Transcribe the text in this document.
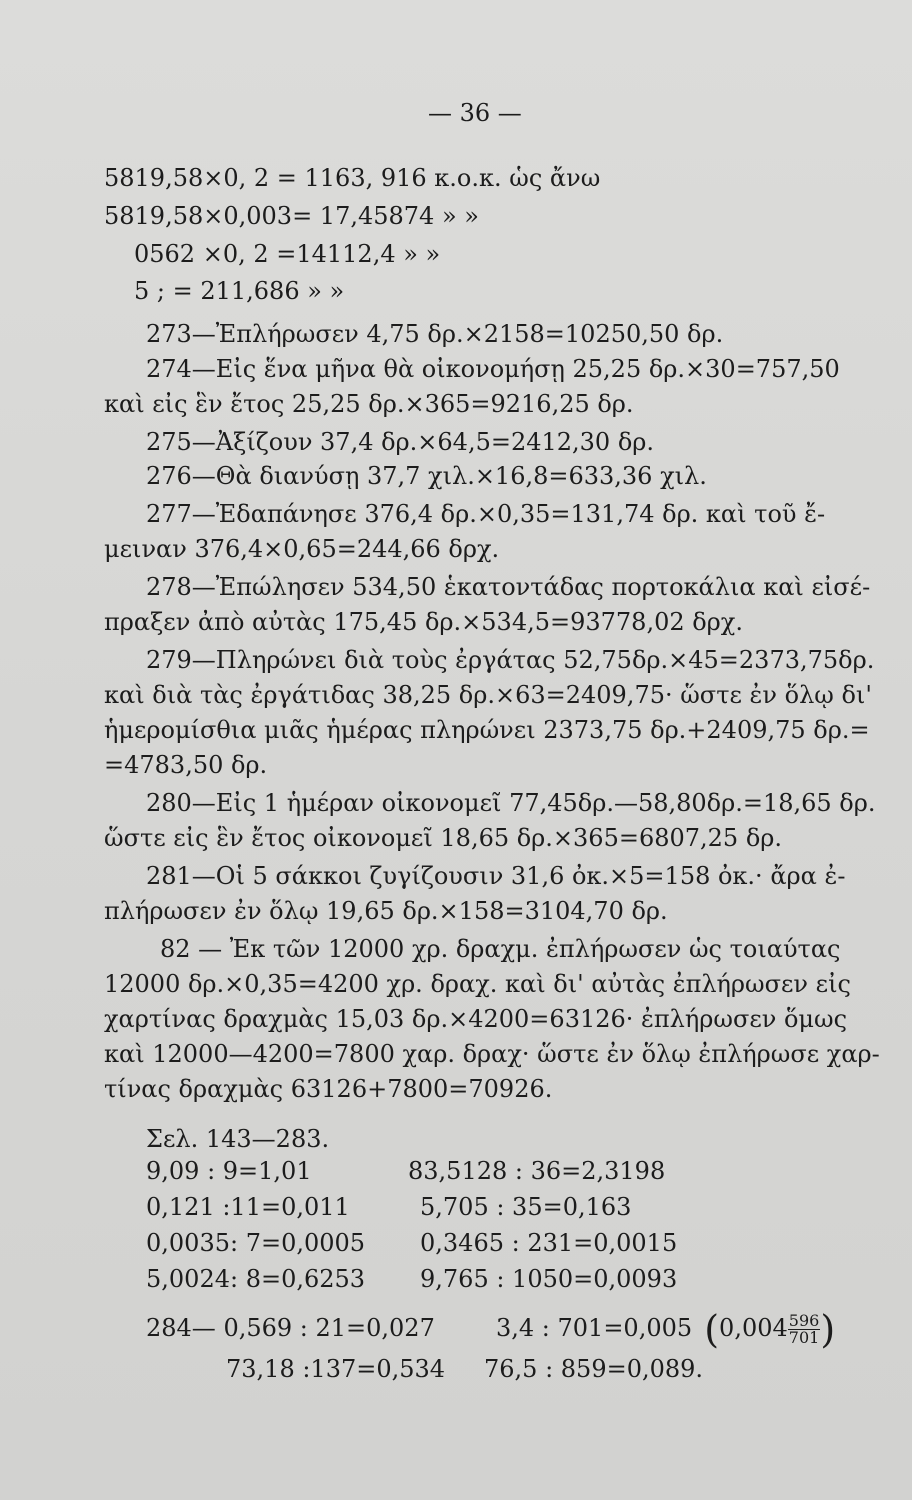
— 36 —
5819,58×0, 2 = 1163, 916 κ.ο.κ. ὡς ἄνω
5819,58×0,003= 17,45874 » »
0562 ×0, 2 =14112,4 » »
5 ; = 211,686 » »
273—Ἐπλήρωσεν 4,75 δρ.×2158=10250,50 δρ.
274—Εἰς ἕνα μῆνα θὰ οἰκονομήσῃ 25,25 δρ.×30=757,50
καὶ εἰς ἓν ἔτος 25,25 δρ.×365=9216,25 δρ.
275—Ἀξίζουν 37,4 δρ.×64,5=2412,30 δρ.
276—Θὰ διανύσῃ 37,7 χιλ.×16,8=633,36 χιλ.
277—Ἐδαπάνησε 376,4 δρ.×0,35=131,74 δρ. καὶ τοῦ ἔ-
μειναν 376,4×0,65=244,66 δρχ.
278—Ἐπώλησεν 534,50 ἑκατοντάδας πορτοκάλια καὶ εἰσέ-
πραξεν ἀπὸ αὐτὰς 175,45 δρ.×534,5=93778,02 δρχ.
279—Πληρώνει διὰ τοὺς ἐργάτας 52,75δρ.×45=2373,75δρ.
καὶ διὰ τὰς ἐργάτιδας 38,25 δρ.×63=2409,75· ὥστε ἐν ὅλῳ δι'
ἡμερομίσθια μιᾶς ἡμέρας πληρώνει 2373,75 δρ.+2409,75 δρ.=
=4783,50 δρ.
280—Εἰς 1 ἡμέραν οἰκονομεῖ 77,45δρ.—58,80δρ.=18,65 δρ.
ὥστε εἰς ἓν ἔτος οἰκονομεῖ 18,65 δρ.×365=6807,25 δρ.
281—Οἱ 5 σάκκοι ζυγίζουσιν 31,6 ὀκ.×5=158 ὀκ.· ἄρα ἐ-
πλήρωσεν ἐν ὅλῳ 19,65 δρ.×158=3104,70 δρ.
82 — Ἐκ τῶν 12000 χρ. δραχμ. ἐπλήρωσεν ὡς τοιαύτας
12000 δρ.×0,35=4200 χρ. δραχ. καὶ δι' αὐτὰς ἐπλήρωσεν εἰς
χαρτίνας δραχμὰς 15,03 δρ.×4200=63126· ἐπλήρωσεν ὅμως
καὶ 12000—4200=7800 χαρ. δραχ· ὥστε ἐν ὅλῳ ἐπλήρωσε χαρ-
τίνας δραχμὰς 63126+7800=70926.
Σελ. 143—283.
9,09 : 9=1,01	83,5128 : 36=2,3198
0,121 :11=0,011	5,705 : 35=0,163
0,0035: 7=0,0005 0,3465 : 231=0,0015
5,0024: 8=0,6253 9,765 : 1050=0,0093
284— 0,569 : 21=0,027	3,4 : 701=0,005 ($0,004 \frac{596}{701}$ )
73,18 :137=0,534 76,5 : 859=0,089.
